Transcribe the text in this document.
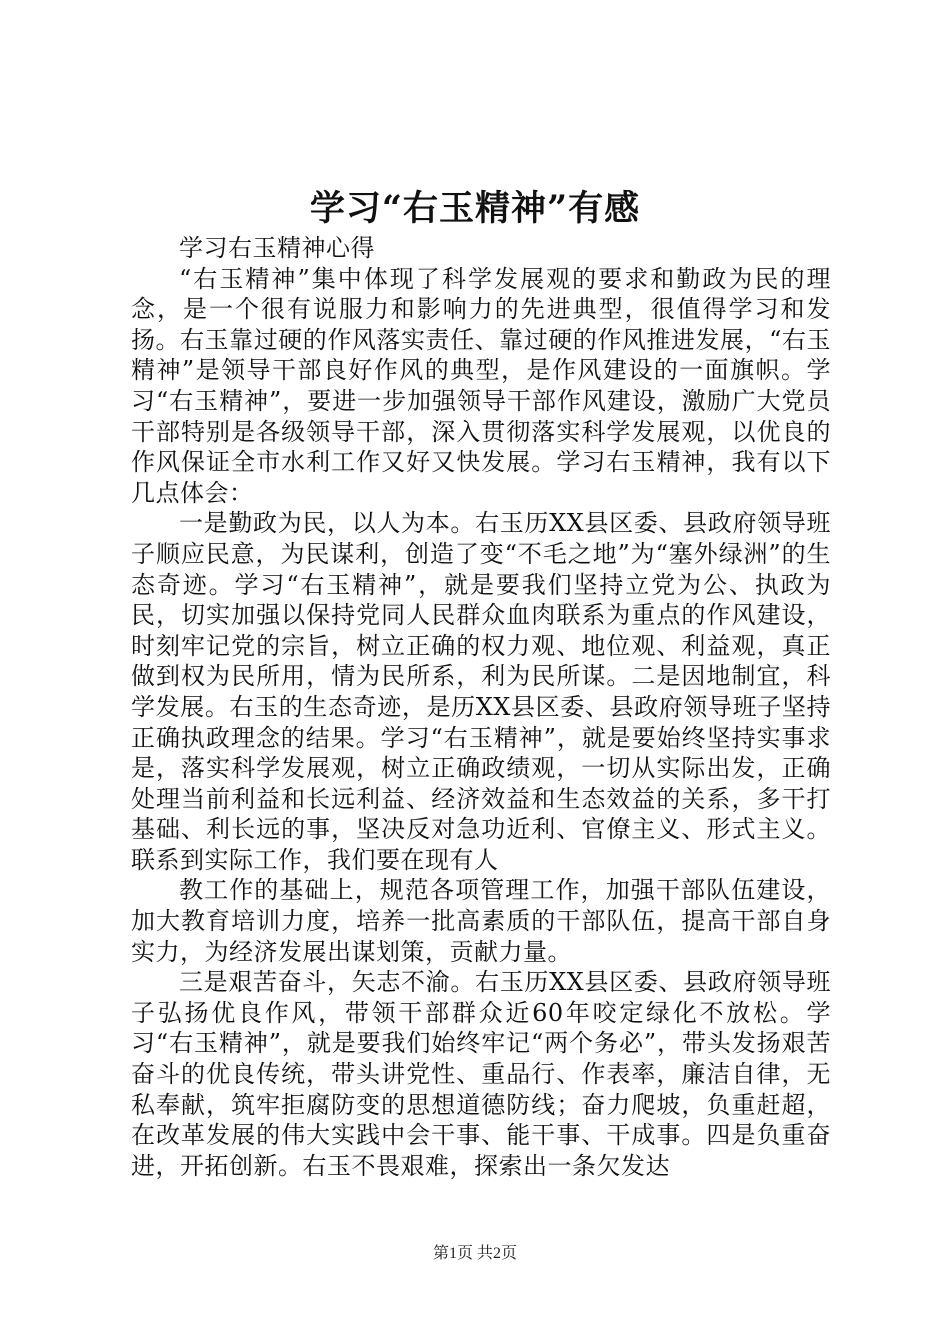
学习“右玉精神”有感

学习右玉精神心得

“右玉精神”集中体现了科学发展观的要求和勤政为民的理念，是一个很有说服力和影响力的先进典型，很值得学习和发扬。右玉靠过硬的作风落实责任、靠过硬的作风推进发展，“右玉精神”是领导干部良好作风的典型，是作风建设的一面旗帜。学习“右玉精神”，要进一步加强领导干部作风建设，激励广大党员干部特别是各级领导干部，深入贯彻落实科学发展观，以优良的作风保证全市水利工作又好又快发展。学习右玉精神，我有以下几点体会：

一是勤政为民，以人为本。右玉历XX县区委、县政府领导班子顺应民意，为民谋利，创造了变“不毛之地”为“塞外绿洲”的生态奇迹。学习“右玉精神”，就是要我们坚持立党为公、执政为民，切实加强以保持党同人民群众血肉联系为重点的作风建设，时刻牢记党的宗旨，树立正确的权力观、地位观、利益观，真正做到权为民所用，情为民所系，利为民所谋。二是因地制宜，科学发展。右玉的生态奇迹，是历XX县区委、县政府领导班子坚持正确执政理念的结果。学习“右玉精神”，就是要始终坚持实事求是，落实科学发展观，树立正确政绩观，一切从实际出发，正确处理当前利益和长远利益、经济效益和生态效益的关系，多干打基础、利长远的事，坚决反对急功近利、官僚主义、形式主义。联系到实际工作，我们要在现有人

教工作的基础上，规范各项管理工作，加强干部队伍建设，加大教育培训力度，培养一批高素质的干部队伍，提高干部自身实力，为经济发展出谋划策，贡献力量。

三是艰苦奋斗，矢志不渝。右玉历XX县区委、县政府领导班子弘扬优良作风，带领干部群众近60年咬定绿化不放松。学习“右玉精神”，就是要我们始终牢记“两个务必”，带头发扬艰苦奋斗的优良传统，带头讲党性、重品行、作表率，廉洁自律，无私奉献，筑牢拒腐防变的思想道德防线；奋力爬坡，负重赶超，在改革发展的伟大实践中会干事、能干事、干成事。四是负重奋进，开拓创新。右玉不畏艰难，探索出一条欠发达

第1页 共2页
